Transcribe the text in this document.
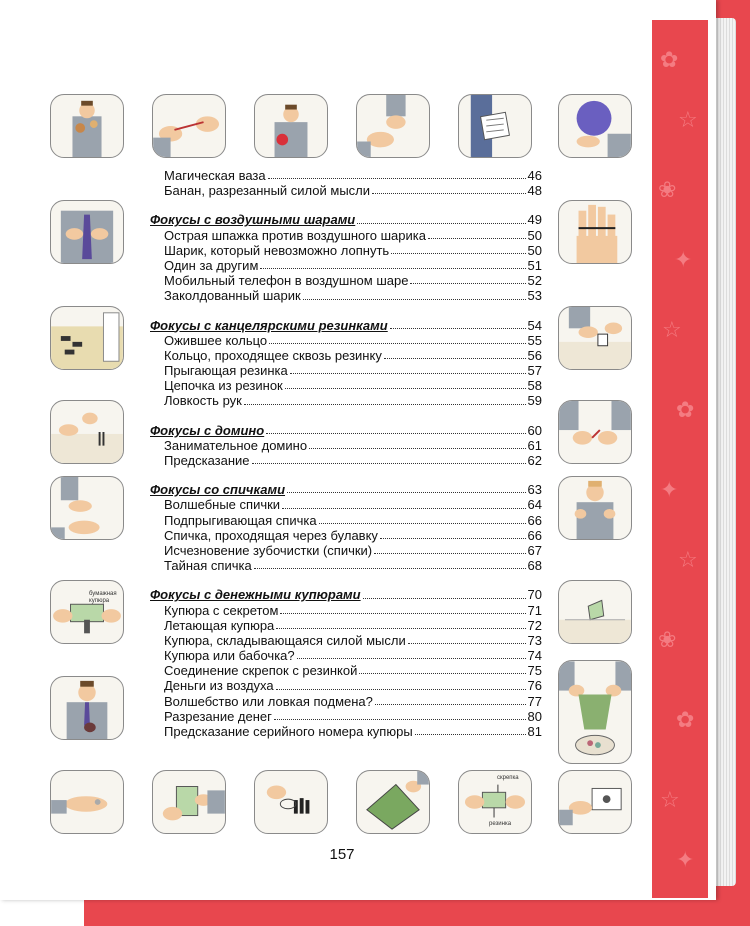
✿
☆
❀
✦
☆
✿
✦
☆
❀
✿
☆
✦
бумажная купюра
скрепка
резинка
Магическая ваза	46
Банан, разрезанный силой мысли	48
Фокусы с воздушными шарами	49
Острая шпажка против воздушного шарика	50
Шарик, который невозможно лопнуть	50
Один за другим	51
Мобильный телефон в воздушном шаре	52
Заколдованный шарик	53
Фокусы с канцелярскими резинками	54
Ожившее кольцо	55
Кольцо, проходящее сквозь резинку	56
Прыгающая резинка	57
Цепочка из резинок	58
Ловкость рук	59
Фокусы с домино	60
Занимательное домино	61
Предсказание	62
Фокусы со спичками	63
Волшебные спички	64
Подпрыгивающая спичка	66
Спичка, проходящая через булавку	66
Исчезновение зубочистки (спички)	67
Тайная спичка	68
Фокусы с денежными купюрами	70
Купюра с секретом	71
Летающая купюра	72
Купюра, складывающаяся силой мысли	73
Купюра или бабочка?	74
Соединение скрепок с резинкой	75
Деньги из воздуха	76
Волшебство или ловкая подмена?	77
Разрезание денег	80
Предсказание серийного номера купюры	81
157
